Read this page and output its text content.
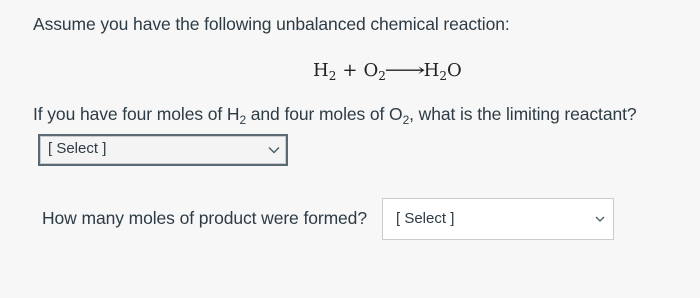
Assume you have the following unbalanced chemical reaction:
$H_2$ + $O_2⟶H_2O$
If you have four moles of $H_2$ and four moles of $O_2$, what is the limiting reactant?
[ Select ]
How many moles of product were formed? [ Select ]
